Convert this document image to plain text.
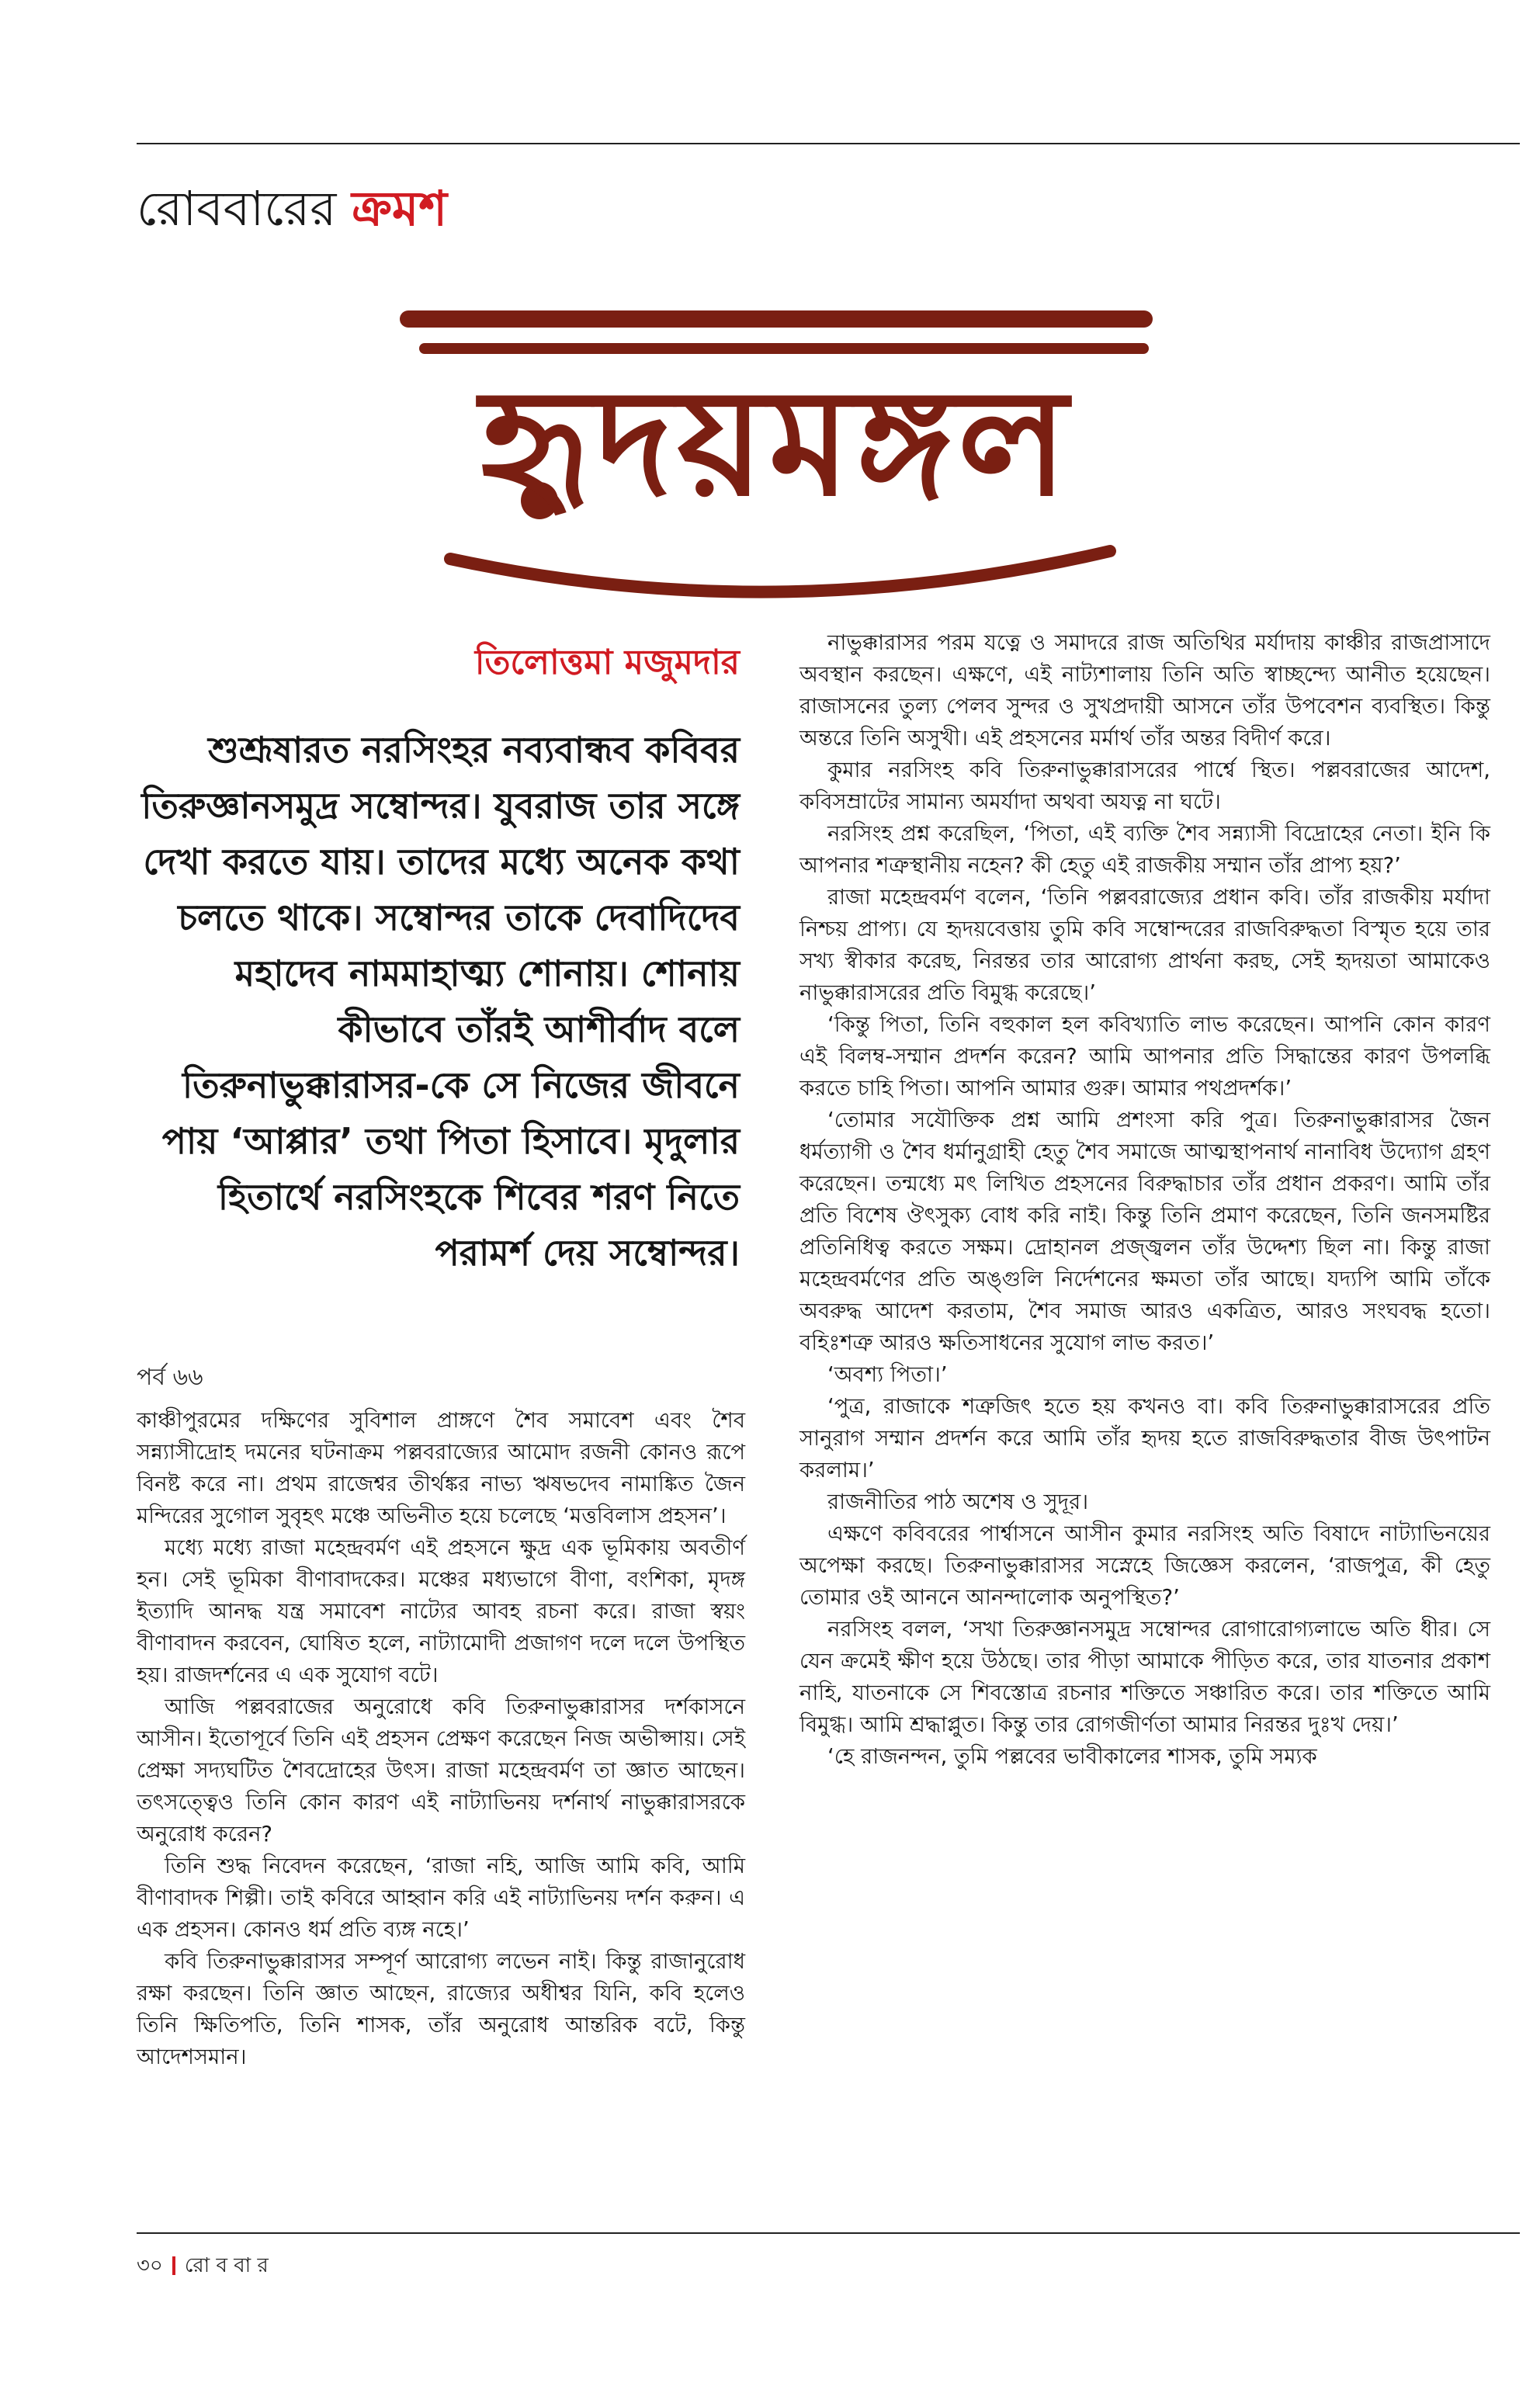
রোববারের ক্রমশ
হৃদয়মঙ্গল
তিলোত্তমা মজুমদার
শুশ্রূষারত নরসিংহর নব্যবান্ধব কবিবর তিরুজ্ঞানসমুদ্র সম্বোন্দর। যুবরাজ তার সঙ্গে দেখা করতে যায়। তাদের মধ্যে অনেক কথা চলতে থাকে। সম্বোন্দর তাকে দেবাদিদেব মহাদেব নামমাহাত্ম্য শোনায়। শোনায় কীভাবে তাঁরই আশীর্বাদ বলে তিরুনাভুক্কারাসর-কে সে নিজের জীবনে পায় ‘আপ্পার’ তথা পিতা হিসাবে। মৃদুলার হিতার্থে নরসিংহকে শিবের শরণ নিতে পরামর্শ দেয় সম্বোন্দর।
পর্ব ৬৬

কাঞ্চীপুরমের দক্ষিণের সুবিশাল প্রাঙ্গণে শৈব সমাবেশ এবং শৈব সন্ন্যাসীদ্রোহ দমনের ঘটনাক্রম পল্লবরাজ্যের আমোদ রজনী কোনও রূপে বিনষ্ট করে না। প্রথম রাজেশ্বর তীর্থঙ্কর নাভ্য ঋষভদেব নামাঙ্কিত জৈন মন্দিরের সুগোল সুবৃহৎ মঞ্চে অভিনীত হয়ে চলেছে ‘মত্তবিলাস প্রহসন’।

মধ্যে মধ্যে রাজা মহেন্দ্রবর্মণ এই প্রহসনে ক্ষুদ্র এক ভূমিকায় অবতীর্ণ হন। সেই ভূমিকা বীণাবাদকের। মঞ্চের মধ্যভাগে বীণা, বংশিকা, মৃদঙ্গ ইত্যাদি আনদ্ধ যন্ত্র সমাবেশ নাট্যের আবহ রচনা করে। রাজা স্বয়ং বীণাবাদন করবেন, ঘোষিত হলে, নাট্যামোদী প্রজাগণ দলে দলে উপস্থিত হয়। রাজদর্শনের এ এক সুযোগ বটে।

আজি পল্লবরাজের অনুরোধে কবি তিরুনাভুক্কারাসর দর্শকাসনে আসীন। ইতোপূর্বে তিনি এই প্রহসন প্রেক্ষণ করেছেন নিজ অভীপ্সায়। সেই প্রেক্ষা সদ্যঘটিত শৈবদ্রোহের উৎস। রাজা মহেন্দ্রবর্মণ তা জ্ঞাত আছেন। তৎসত্ত্বেও তিনি কোন কারণ এই নাট্যাভিনয় দর্শনার্থ নাভুক্কারাসরকে অনুরোধ করেন?

তিনি শুদ্ধ নিবেদন করেছেন, ‘রাজা নহি, আজি আমি কবি, আমি বীণাবাদক শিল্পী। তাই কবিরে আহ্বান করি এই নাট্যাভিনয় দর্শন করুন। এ এক প্রহসন। কোনও ধর্ম প্রতি ব্যঙ্গ নহে।’

কবি তিরুনাভুক্কারাসর সম্পূর্ণ আরোগ্য লভেন নাই। কিন্তু রাজানুরোধ রক্ষা করছেন। তিনি জ্ঞাত আছেন, রাজ্যের অধীশ্বর যিনি, কবি হলেও তিনি ক্ষিতিপতি, তিনি শাসক, তাঁর অনুরোধ আন্তরিক বটে, কিন্তু আদেশসমান।

নাভুক্কারাসর পরম যত্নে ও সমাদরে রাজ অতিথির মর্যাদায় কাঞ্চীর রাজপ্রাসাদে অবস্থান করছেন। এক্ষণে, এই নাট্যশালায় তিনি অতি স্বাচ্ছন্দ্যে আনীত হয়েছেন। রাজাসনের তুল্য পেলব সুন্দর ও সুখপ্রদায়ী আসনে তাঁর উপবেশন ব্যবস্থিত। কিন্তু অন্তরে তিনি অসুখী। এই প্রহসনের মর্মার্থ তাঁর অন্তর বিদীর্ণ করে।

কুমার নরসিংহ কবি তিরুনাভুক্কারাসরের পার্শ্বে স্থিত। পল্লবরাজের আদেশ, কবিসম্রাটের সামান্য অমর্যাদা অথবা অযত্ন না ঘটে।

নরসিংহ প্রশ্ন করেছিল, ‘পিতা, এই ব্যক্তি শৈব সন্ন্যাসী বিদ্রোহের নেতা। ইনি কি আপনার শত্রুস্থানীয় নহেন? কী হেতু এই রাজকীয় সম্মান তাঁর প্রাপ্য হয়?’

রাজা মহেন্দ্রবর্মণ বলেন, ‘তিনি পল্লবরাজ্যের প্রধান কবি। তাঁর রাজকীয় মর্যাদা নিশ্চয় প্রাপ্য। যে হৃদয়বেত্তায় তুমি কবি সম্বোন্দরের রাজবিরুদ্ধতা বিস্মৃত হয়ে তার সখ্য স্বীকার করেছ, নিরন্তর তার আরোগ্য প্রার্থনা করছ, সেই হৃদয়তা আমাকেও নাভুক্কারাসরের প্রতি বিমুগ্ধ করেছে।’

‘কিন্তু পিতা, তিনি বহুকাল হল কবিখ্যাতি লাভ করেছেন। আপনি কোন কারণ এই বিলম্ব-সম্মান প্রদর্শন করেন? আমি আপনার প্রতি সিদ্ধান্তের কারণ উপলব্ধি করতে চাহি পিতা। আপনি আমার গুরু। আমার পথপ্রদর্শক।’

‘তোমার সযৌক্তিক প্রশ্ন আমি প্রশংসা করি পুত্র। তিরুনাভুক্কারাসর জৈন ধর্মত্যাগী ও শৈব ধর্মানুগ্রাহী হেতু শৈব সমাজে আত্মস্থাপনার্থ নানাবিধ উদ্যোগ গ্রহণ করেছেন। তন্মধ্যে মৎ লিখিত প্রহসনের বিরুদ্ধাচার তাঁর প্রধান প্রকরণ। আমি তাঁর প্রতি বিশেষ ঔৎসুক্য বোধ করি নাই। কিন্তু তিনি প্রমাণ করেছেন, তিনি জনসমষ্টির প্রতিনিধিত্ব করতে সক্ষম। দ্রোহানল প্রজ্জ্বলন তাঁর উদ্দেশ্য ছিল না। কিন্তু রাজা মহেন্দ্রবর্মণের প্রতি অঙ্গুলি নির্দেশনের ক্ষমতা তাঁর আছে। যদ্যপি আমি তাঁকে অবরুদ্ধ আদেশ করতাম, শৈব সমাজ আরও একত্রিত, আরও সংঘবদ্ধ হতো। বহিঃশত্রু আরও ক্ষতিসাধনের সুযোগ লাভ করত।’

‘অবশ্য পিতা।’

‘পুত্র, রাজাকে শত্রুজিৎ হতে হয় কখনও বা। কবি তিরুনাভুক্কারাসরের প্রতি সানুরাগ সম্মান প্রদর্শন করে আমি তাঁর হৃদয় হতে রাজবিরুদ্ধতার বীজ উৎপাটন করলাম।’

রাজনীতির পাঠ অশেষ ও সুদূর।

এক্ষণে কবিবরের পার্শ্বাসনে আসীন কুমার নরসিংহ অতি বিষাদে নাট্যাভিনয়ের অপেক্ষা করছে। তিরুনাভুক্কারাসর সস্নেহে জিজ্ঞেস করলেন, ‘রাজপুত্র, কী হেতু তোমার ওই আননে আনন্দালোক অনুপস্থিত?’

নরসিংহ বলল, ‘সখা তিরুজ্ঞানসমুদ্র সম্বোন্দর রোগারোগ্যলাভে অতি ধীর। সে যেন ক্রমেই ক্ষীণ হয়ে উঠছে। তার পীড়া আমাকে পীড়িত করে, তার যাতনার প্রকাশ নাহি, যাতনাকে সে শিবস্তোত্র রচনার শক্তিতে সঞ্চারিত করে। তার শক্তিতে আমি বিমুগ্ধ। আমি শ্রদ্ধাপ্লুত। কিন্তু তার রোগজীর্ণতা আমার নিরন্তর দুঃখ দেয়।’

‘হে রাজনন্দন, তুমি পল্লবের ভাবীকালের শাসক, তুমি সম্যক

৩০ রো ব বা র
